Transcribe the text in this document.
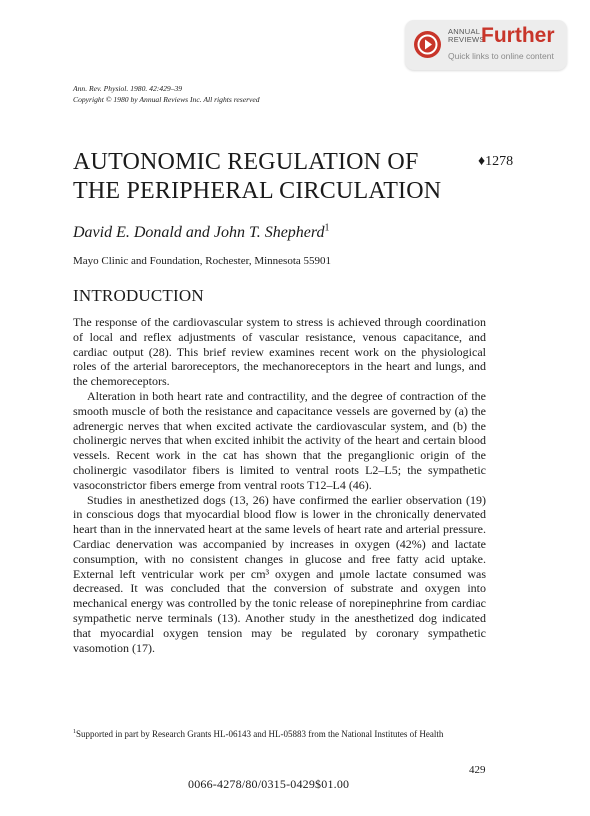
ANNUAL
REVIEWS
Further
Quick links to online content
Ann. Rev. Physiol. 1980. 42:429–39
Copyright © 1980 by Annual Reviews Inc. All rights reserved
AUTONOMIC REGULATION OF
THE PERIPHERAL CIRCULATION
♦1278
David E. Donald and John T. Shepherd$^1$
Mayo Clinic and Foundation, Rochester, Minnesota 55901
INTRODUCTION

The response of the cardiovascular system to stress is achieved through coordination of local and reflex adjustments of vascular resistance, venous capacitance, and cardiac output (28). This brief review examines recent work on the physiological roles of the arterial baroreceptors, the mechanoreceptors in the heart and lungs, and the chemoreceptors.

Alteration in both heart rate and contractility, and the degree of contraction of the smooth muscle of both the resistance and capacitance vessels are governed by (a) the adrenergic nerves that when excited activate the cardiovascular system, and (b) the cholinergic nerves that when excited inhibit the activity of the heart and certain blood vessels. Recent work in the cat has shown that the preganglionic origin of the cholinergic vasodilator fibers is limited to ventral roots L2–L5; the sympathetic vasoconstrictor fibers emerge from ventral roots T12–L4 (46).

Studies in anesthetized dogs (13, 26) have confirmed the earlier observation (19) in conscious dogs that myocardial blood flow is lower in the chronically denervated heart than in the innervated heart at the same levels of heart rate and arterial pressure. Cardiac denervation was accompanied by increases in oxygen (42%) and lactate consumption, with no consistent changes in glucose and free fatty acid uptake. External left ventricular work per cm³ oxygen and μmole lactate consumed was decreased. It was concluded that the conversion of substrate and oxygen into mechanical energy was controlled by the tonic release of norepinephrine from cardiac sympathetic nerve terminals (13). Another study in the anesthetized dog indicated that myocardial oxygen tension may be regulated by coronary sympathetic vasomotion (17).

$^1$Supported in part by Research Grants HL-06143 and HL-05883 from the National Institutes of Health
429
0066-4278/80/0315-0429$01.00
